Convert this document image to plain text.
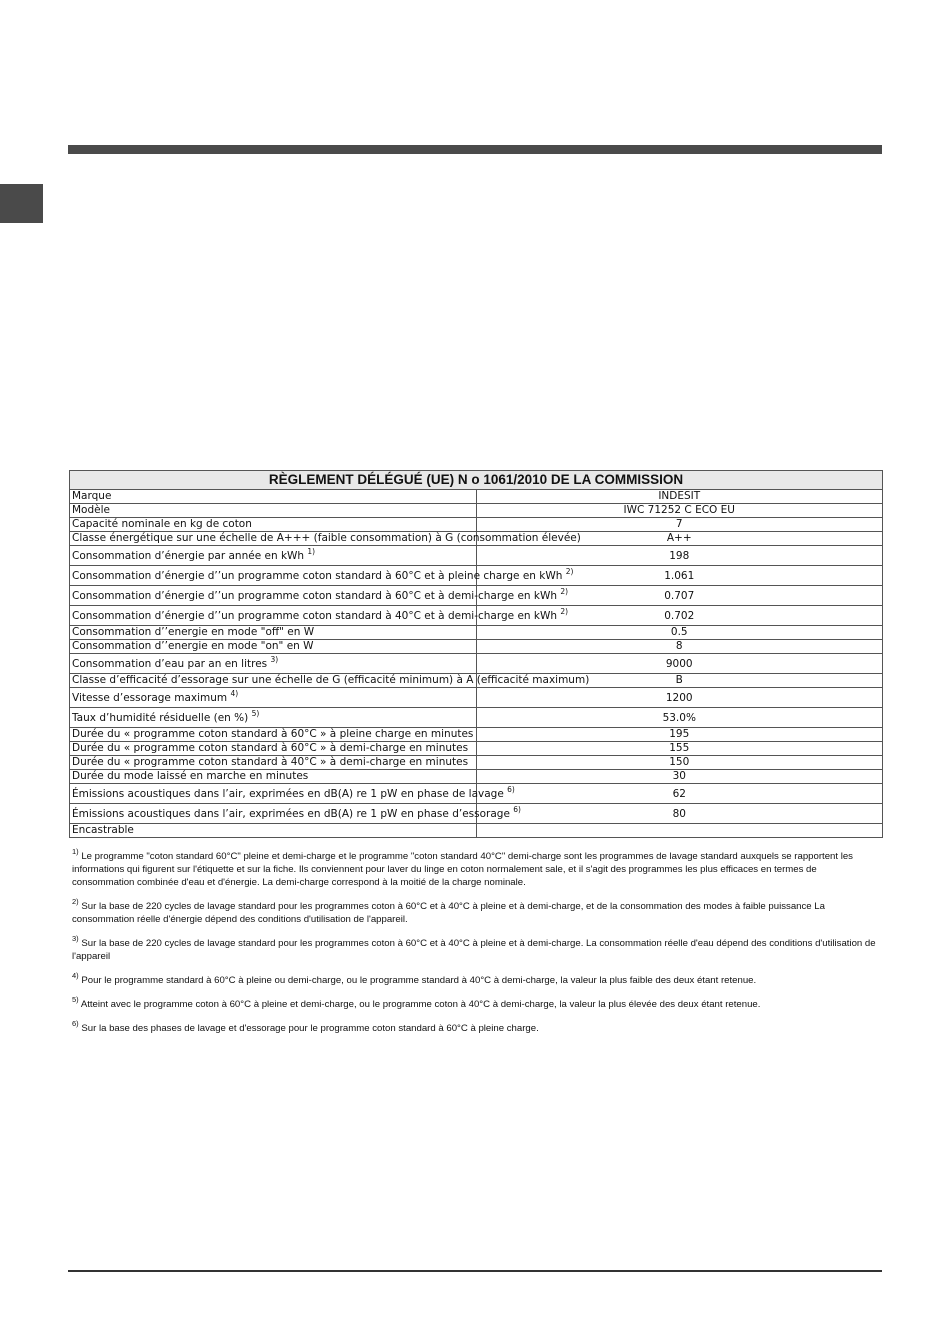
RÈGLEMENT DÉLÉGUÉ (UE) N o 1061/2010 DE LA COMMISSION	
Marque	INDESIT
Modèle	IWC 71252 C ECO EU
Capacité nominale en kg de coton	7
Classe énergétique sur une échelle de A+++ (faible consommation) à G (consommation élevée)	A++
Consommation d’énergie par année en kWh $^{1)}$	198
Consommation d’énergie d’’un programme coton standard à 60°C et à pleine charge en kWh $^{2)}$	1.061
Consommation d’énergie d’’un programme coton standard à 60°C et à demi-charge en kWh $^{2)}$	0.707
Consommation d’énergie d’’un programme coton standard à 40°C et à demi-charge en kWh $^{2)}$	0.702
Consommation d’’energie en mode "off" en W	0.5
Consommation d’’energie en mode "on" en W	8
Consommation d’eau par an en litres $^{3)}$	9000
Classe d’efficacité d’essorage sur une échelle de G (efficacité minimum) à A (efficacité maximum)	B
Vitesse d’essorage maximum $^{4)}$	1200
Taux d’humidité résiduelle (en %) $^{5)}$	53.0%
Durée du « programme coton standard à 60°C » à pleine charge en minutes	195
Durée du « programme coton standard à 60°C » à demi-charge en minutes	155
Durée du « programme coton standard à 40°C » à demi-charge en minutes	150
Durée du mode laissé en marche en minutes	30
Émissions acoustiques dans l’air, exprimées en dB(A) re 1 pW en phase de lavage $^{6)}$	62
Émissions acoustiques dans l’air, exprimées en dB(A) re 1 pW en phase d’essorage $^{6)}$	80
Encastrable	
$^{1)}$ Le programme "coton standard 60°C" pleine et demi-charge et le programme "coton standard 40°C" demi-charge sont les programmes de lavage standard auxquels se rapportent les informations qui figurent sur l'étiquette et sur la fiche. Ils conviennent pour laver du linge en coton normalement sale, et il s'agit des programmes les plus efficaces en termes de consommation combinée d'eau et d'énergie. La demi-charge correspond à la moitié de la charge nominale.
$^{2)}$ Sur la base de 220 cycles de lavage standard pour les programmes coton à 60°C et à 40°C à pleine et à demi-charge, et de la consommation des modes à faible puissance La consommation réelle d'énergie dépend des conditions d'utilisation de l'appareil.
$^{3)}$ Sur la base de 220 cycles de lavage standard pour les programmes coton à 60°C et à 40°C à pleine et à demi-charge. La consommation réelle d'eau dépend des conditions d'utilisation de l'appareil
$^{4)}$ Pour le programme standard à 60°C à pleine ou demi-charge, ou le programme standard à 40°C à demi-charge, la valeur la plus faible des deux étant retenue.
$^{5)}$ Atteint avec le programme coton à 60°C à pleine et demi-charge, ou le programme coton à 40°C à demi-charge, la valeur la plus élevée des deux étant retenue.
$^{6)}$ Sur la base des phases de lavage et d'essorage pour le programme coton standard à 60°C à pleine charge.
